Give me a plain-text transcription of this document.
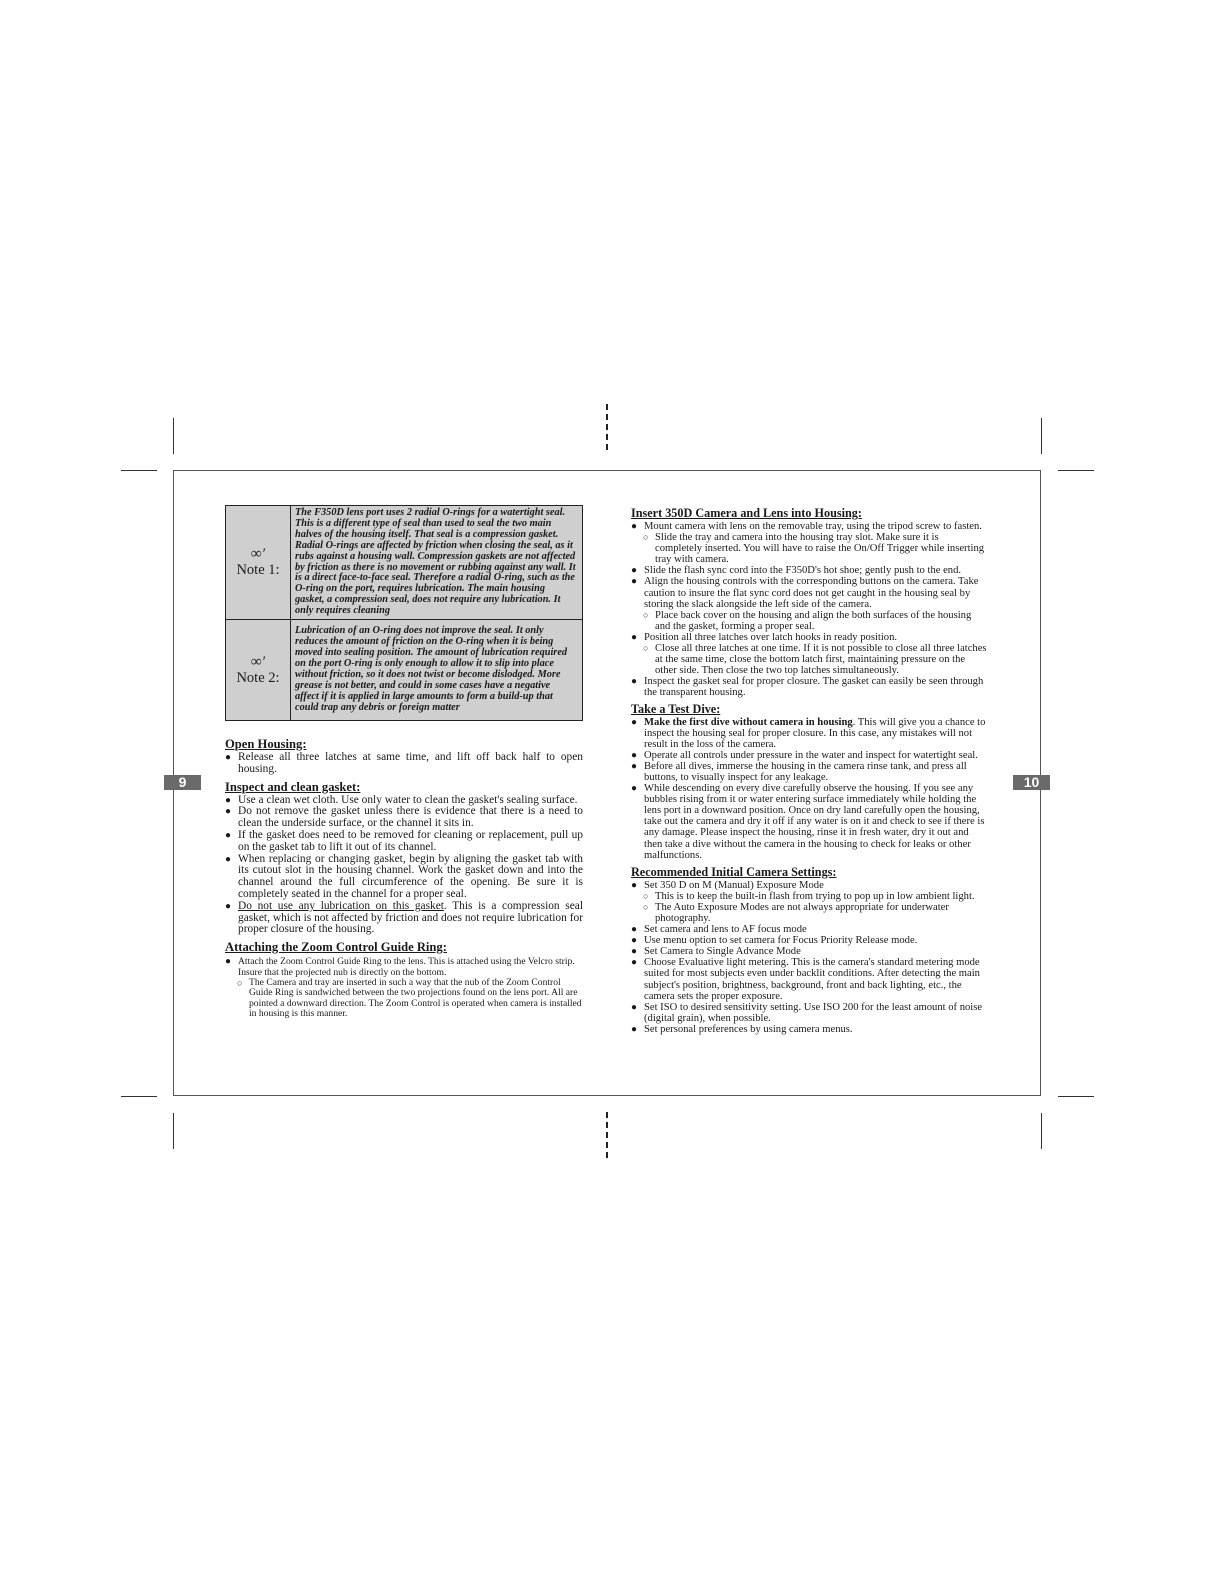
9	10
∞′
Note 1:	The F350D lens port uses 2 radial O-rings for a watertight seal. This is a different type of seal than used to seal the two main halves of the housing itself. That seal is a compression gasket. Radial O-rings are affected by friction when closing the seal, as it rubs against a housing wall. Compression gaskets are not affected by friction as there is no movement or rubbing against any wall. It is a direct face-to-face seal. Therefore a radial O-ring, such as the O-ring on the port, requires lubrication. The main housing gasket, a compression seal, does not require any lubrication. It only requires cleaning

∞′
Note 2:	Lubrication of an O-ring does not improve the seal. It only reduces the amount of friction on the O-ring when it is being moved into sealing position. The amount of lubrication required on the port O-ring is only enough to allow it to slip into place without friction, so it does not twist or become dislodged. More grease is not better, and could in some cases have a negative affect if it is applied in large amounts to form a build-up that could trap any debris or foreign matter
Open Housing:
● Release all three latches at same time, and lift off back half to open housing.
Inspect and clean gasket:
● Use a clean wet cloth. Use only water to clean the gasket's sealing surface.
● Do not remove the gasket unless there is evidence that there is a need to clean the underside surface, or the channel it sits in.
● If the gasket does need to be removed for cleaning or replacement, pull up on the gasket tab to lift it out of its channel.
● When replacing or changing gasket, begin by aligning the gasket tab with its cutout slot in the housing channel. Work the gasket down and into the channel around the full circumference of the opening. Be sure it is completely seated in the channel for a proper seal.
● Do not use any lubrication on this gasket. This is a compression seal gasket, which is not affected by friction and does not require lubrication for proper closure of the housing.
Attaching the Zoom Control Guide Ring:
● Attach the Zoom Control Guide Ring to the lens. This is attached using the Velcro strip. Insure that the projected nub is directly on the bottom.
○ The Camera and tray are inserted in such a way that the nub of the Zoom Control Guide Ring is sandwiched between the two projections found on the lens port. All are pointed a downward direction. The Zoom Control is operated when camera is installed in housing is this manner.
Insert 350D Camera and Lens into Housing:
● Mount camera with lens on the removable tray, using the tripod screw to fasten.
○ Slide the tray and camera into the housing tray slot. Make sure it is completely inserted. You will have to raise the On/Off Trigger while inserting tray with camera.
● Slide the flash sync cord into the F350D's hot shoe; gently push to the end.
● Align the housing controls with the corresponding buttons on the camera. Take caution to insure the flat sync cord does not get caught in the housing seal by storing the slack alongside the left side of the camera.
○ Place back cover on the housing and align the both surfaces of the housing and the gasket, forming a proper seal.
● Position all three latches over latch hooks in ready position.
○ Close all three latches at one time. If it is not possible to close all three latches at the same time, close the bottom latch first, maintaining pressure on the other side. Then close the two top latches simultaneously.
● Inspect the gasket seal for proper closure. The gasket can easily be seen through the transparent housing.
Take a Test Dive:
● Make the first dive without camera in housing. This will give you a chance to inspect the housing seal for proper closure. In this case, any mistakes will not result in the loss of the camera.
● Operate all controls under pressure in the water and inspect for watertight seal.
● Before all dives, immerse the housing in the camera rinse tank, and press all buttons, to visually inspect for any leakage.
● While descending on every dive carefully observe the housing. If you see any bubbles rising from it or water entering surface immediately while holding the lens port in a downward position. Once on dry land carefully open the housing, take out the camera and dry it off if any water is on it and check to see if there is any damage. Please inspect the housing, rinse it in fresh water, dry it out and then take a dive without the camera in the housing to check for leaks or other malfunctions.
Recommended Initial Camera Settings:
● Set 350 D on M (Manual) Exposure Mode
○ This is to keep the built-in flash from trying to pop up in low ambient light.
○ The Auto Exposure Modes are not always appropriate for underwater photography.
● Set camera and lens to AF focus mode
● Use menu option to set camera for Focus Priority Release mode.
● Set Camera to Single Advance Mode
● Choose Evaluative light metering. This is the camera's standard metering mode suited for most subjects even under backlit conditions. After detecting the main subject's position, brightness, background, front and back lighting, etc., the camera sets the proper exposure.
● Set ISO to desired sensitivity setting. Use ISO 200 for the least amount of noise (digital grain), when possible.
● Set personal preferences by using camera menus.
